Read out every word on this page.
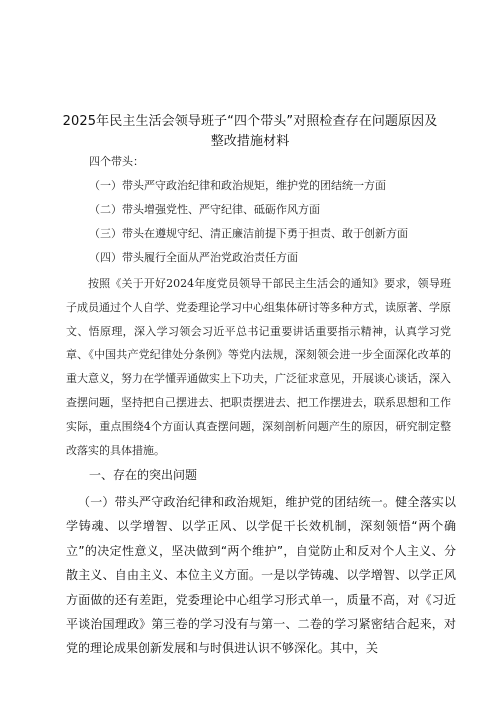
2025年民主生活会领导班子“四个带头”对照检查存在问题原因及
整改措施材料
四个带头：
（一）带头严守政治纪律和政治规矩，维护党的团结统一方面
（二）带头增强党性、严守纪律、砥砺作风方面
（三）带头在遵规守纪、清正廉洁前提下勇于担责、敢于创新方面
（四）带头履行全面从严治党政治责任方面
按照《关于开好2024年度党员领导干部民主生活会的通知》要求，领导班子成员通过个人自学、党委理论学习中心组集体研讨等多种方式，读原著、学原文、悟原理，深入学习领会习近平总书记重要讲话重要指示精神，认真学习党章、《中国共产党纪律处分条例》等党内法规，深刻领会进一步全面深化改革的重大意义，努力在学懂弄通做实上下功夫，广泛征求意见，开展谈心谈话，深入查摆问题，坚持把自己摆进去、把职责摆进去、把工作摆进去，联系思想和工作实际，重点围绕4个方面认真查摆问题，深刻剖析问题产生的原因，研究制定整改落实的具体措施。
一、存在的突出问题
（一）带头严守政治纪律和政治规矩，维护党的团结统一。健全落实以学铸魂、以学增智、以学正风、以学促干长效机制，深刻领悟“两个确立”的决定性意义，坚决做到“两个维护”，自觉防止和反对个人主义、分散主义、自由主义、本位主义方面。一是以学铸魂、以学增智、以学正风方面做的还有差距，党委理论中心组学习形式单一，质量不高，对《习近平谈治国理政》第三卷的学习没有与第一、二卷的学习紧密结合起来，对党的理论成果创新发展和与时俱进认识不够深化。其中，关
